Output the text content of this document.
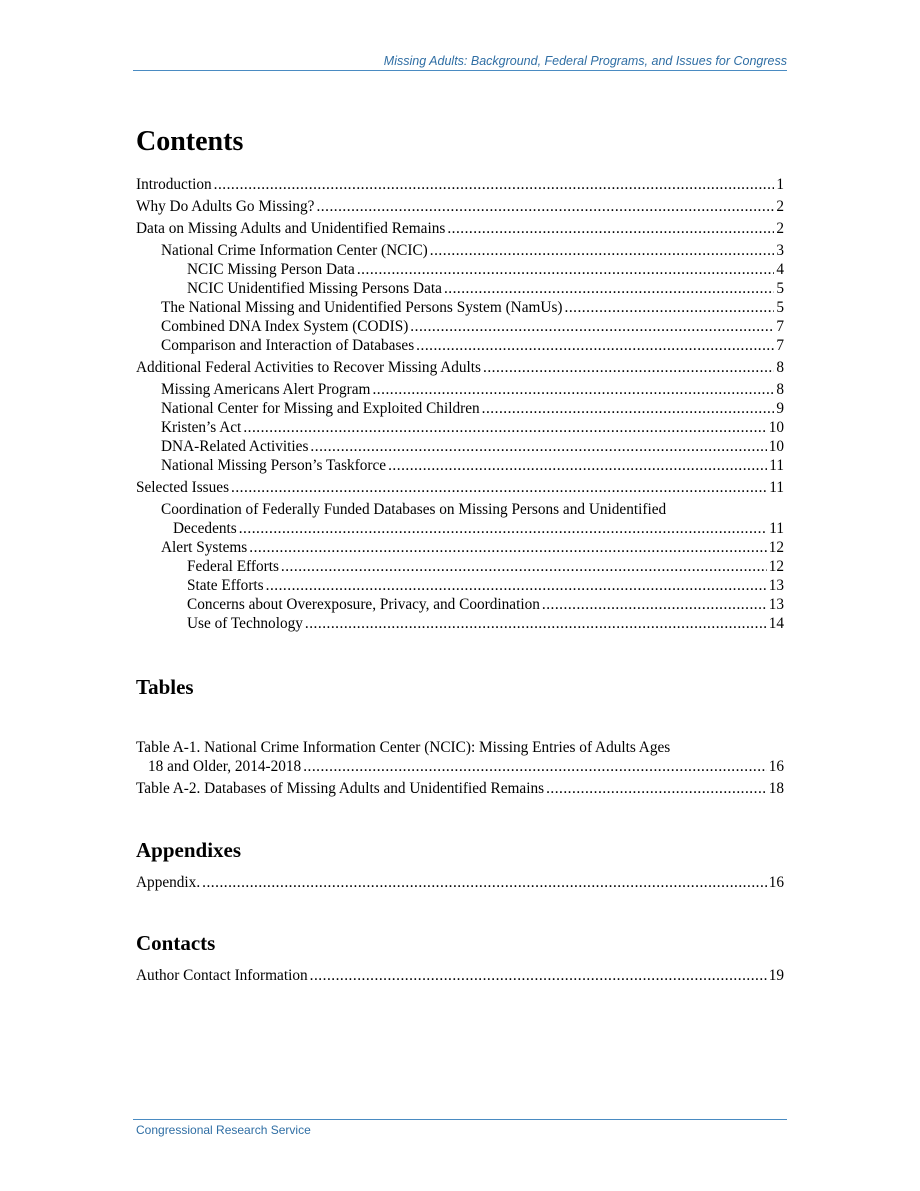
Missing Adults: Background, Federal Programs, and Issues for Congress
Contents
Introduction .....	1
Why Do Adults Go Missing? .....	2
Data on Missing Adults and Unidentified Remains .....	2
National Crime Information Center (NCIC) .....	3
NCIC Missing Person Data .....	4
NCIC Unidentified Missing Persons Data .....	5
The National Missing and Unidentified Persons System (NamUs) .....	5
Combined DNA Index System (CODIS) .....	7
Comparison and Interaction of Databases .....	7
Additional Federal Activities to Recover Missing Adults .....	8
Missing Americans Alert Program .....	8
National Center for Missing and Exploited Children .....	9
Kristen’s Act .....	10
DNA-Related Activities .....	10
National Missing Person’s Taskforce .....	11
Selected Issues .....	11
Coordination of Federally Funded Databases on Missing Persons and Unidentified
Decedents .....	11
Alert Systems .....	12
Federal Efforts .....	12
State Efforts .....	13
Concerns about Overexposure, Privacy, and Coordination .....	13
Use of Technology .....	14
Tables
Table A-1. National Crime Information Center (NCIC): Missing Entries of Adults Ages
18 and Older, 2014-2018 .....	16
Table A-2. Databases of Missing Adults and Unidentified Remains .....	18
Appendixes
Appendix. .....	16
Contacts
Author Contact Information .....	19
Congressional Research Service
